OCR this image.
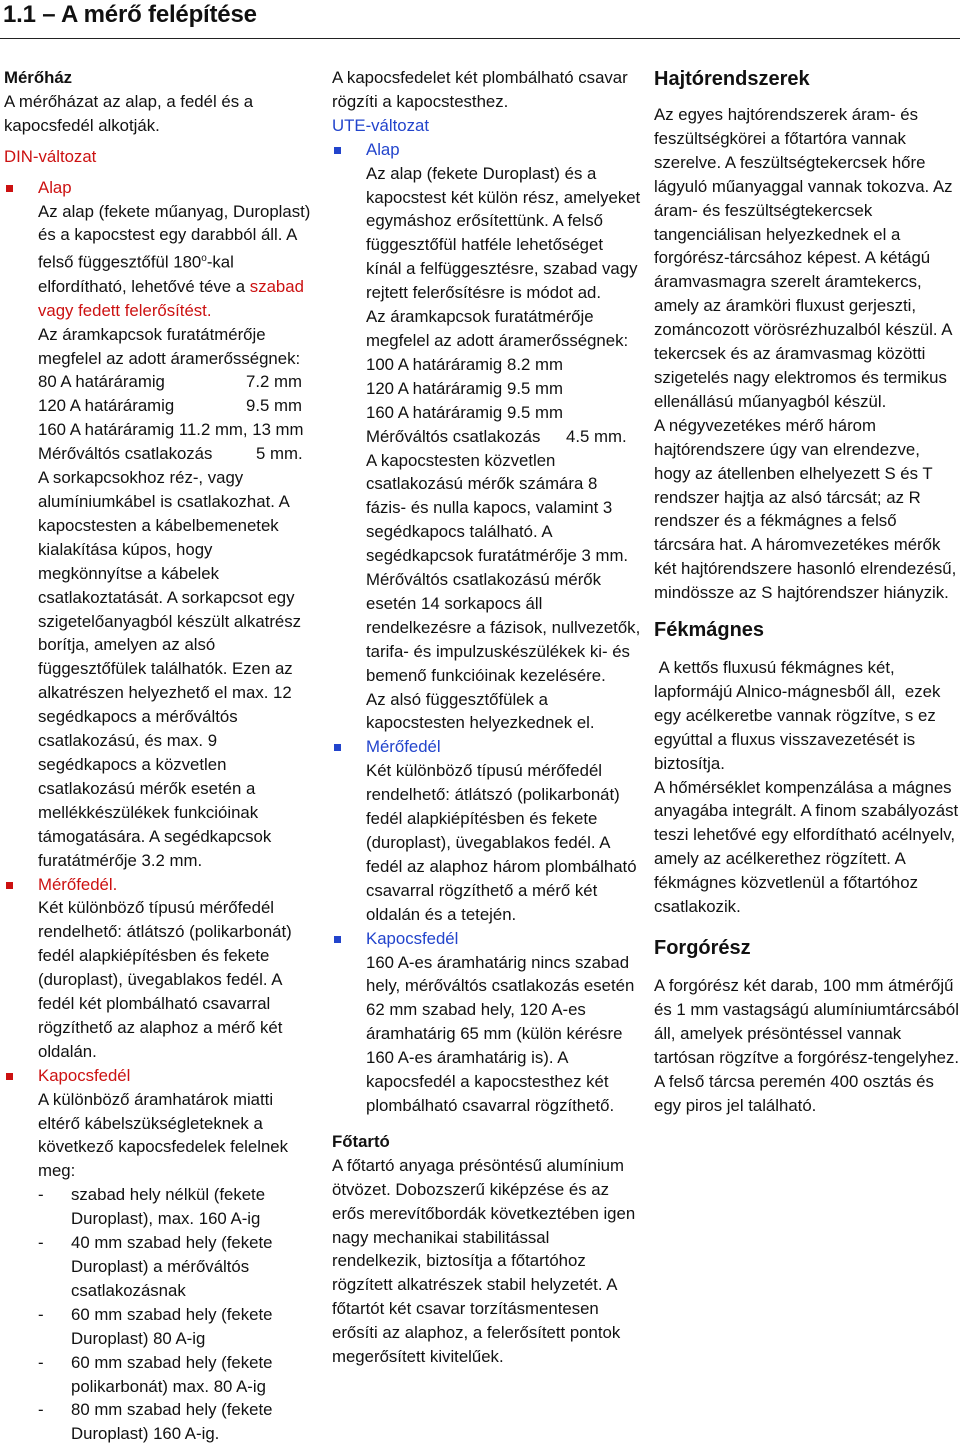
1.1 – A mérő felépítése

Mérőház

A mérőházat az alap, a fedél és a kapocsfedél alkotják.

DIN-változat

Alap

Az alap (fekete műanyag, Duroplast) és a kapocstest egy darabból áll. A felső függesztőfül 180$^o$-kal elfordítható, lehetővé téve a szabad vagy fedett felerősítést.

Az áramkapcsok furatátmérője megfelel az adott áramerősségnek:

80 A határáramig	7.2 mm
120 A határáramig	9.5 mm

160 A határáramig 11.2 mm, 13 mm

Mérőváltós csatlakozás	5 mm.

A sorkapcsokhoz réz-, vagy alumíniumkábel is csatlakozhat. A kapocstesten a kábelbemenetek kialakítása kúpos, hogy megkönnyítse a kábelek csatlakoztatását. A sorkapcsot egy szigetelőanyagból készült alkatrész borítja, amelyen az alsó függesztőfülek találhatók. Ezen az alkatrészen helyezhető el max. 12 segédkapocs a mérőváltós csatlakozású, és max. 9 segédkapocs a közvetlen csatlakozású mérők esetén a mellékkészülékek funkcióinak támogatására. A segédkapcsok furatátmérője 3.2 mm.

Mérőfedél.

Két különböző típusú mérőfedél rendelhető: átlátszó (polikarbonát) fedél alapkiépítésben és fekete (duroplast), üvegablakos fedél. A fedél két plombálható csavarral rögzíthető az alaphoz a mérő két oldalán.

Kapocsfedél

A különböző áramhatárok miatti eltérő kábelszükségleteknek a következő kapocsfedelek felelnek meg:

- szabad hely nélkül (fekete Duroplast), max. 160 A-ig
- 40 mm szabad hely (fekete Duroplast) a mérőváltós csatlakozásnak
- 60 mm szabad hely (fekete Duroplast) 80 A-ig
- 60 mm szabad hely (fekete polikarbonát) max. 80 A-ig
- 80 mm szabad hely (fekete Duroplast) 160 A-ig.

A kapocsfedelet két plombálható csavar rögzíti a kapocstesthez.

UTE-változat

Alap

Az alap (fekete Duroplast) és a kapocstest két külön rész, amelyeket egymáshoz erősítettünk. A felső függesztőfül hatféle lehetőséget kínál a felfüggesztésre, szabad vagy rejtett felerősítésre is módot ad.

Az áramkapcsok furatátmérője megfelel az adott áramerősségnek:

100 A határáramig 8.2 mm
120 A határáramig 9.5 mm
160 A határáramig 9.5 mm
Mérőváltós csatlakozás 4.5 mm.

A kapocstesten közvetlen csatlakozású mérők számára 8 fázis- és nulla kapocs, valamint 3 segédkapocs található. A segédkapcsok furatátmérője 3 mm. Mérőváltós csatlakozású mérők esetén 14 sorkapocs áll rendelkezésre a fázisok, nullvezetők, tarifa- és impulzuskészülékek ki- és bemenő funkcióinak kezelésére.

Az alsó függesztőfülek a kapocstesten helyezkednek el.

Mérőfedél

Két különböző típusú mérőfedél rendelhető: átlátszó (polikarbonát) fedél alapkiépítésben és fekete (duroplast), üvegablakos fedél. A fedél az alaphoz három plombálható csavarral rögzíthető a mérő két oldalán és a tetején.

Kapocsfedél

160 A-es áramhatárig nincs szabad hely, mérőváltós csatlakozás esetén 62 mm szabad hely, 120 A-es áramhatárig 65 mm (külön kérésre 160 A-es áramhatárig is). A kapocsfedél a kapocstesthez két plombálható csavarral rögzíthető.

Főtartó

A főtartó anyaga présöntésű alumínium ötvözet. Dobozszerű kiképzése és az erős merevítőbordák következtében igen nagy mechanikai stabilitással rendelkezik, biztosítja a főtartóhoz rögzített alkatrészek stabil helyzetét. A főtartót két csavar torzításmentesen erősíti az alaphoz, a felerősített pontok megerősített kivitelűek.

Hajtórendszerek

Az egyes hajtórendszerek áram- és feszültségkörei a főtartóra vannak szerelve. A feszültségtekercsek hőre lágyuló műanyaggal vannak tokozva. Az áram- és feszültségtekercsek tangenciálisan helyezkednek el a forgórész-tárcsához képest. A kétágú áramvasmagra szerelt áramtekercs, amely az áramköri fluxust gerjeszti, zománcozott vörösrézhuzalból készül. A tekercsek és az áramvasmag közötti szigetelés nagy elektromos és termikus ellenállású műanyagból készül.

A négyvezetékes mérő három hajtórendszere úgy van elrendezve, hogy az átellenben elhelyezett S és T rendszer hajtja az alsó tárcsát; az R rendszer és a fékmágnes a felső tárcsára hat. A háromvezetékes mérők két hajtórendszere hasonló elrendezésű, mindössze az S hajtórendszer hiányzik.

Fékmágnes

A kettős fluxusú fékmágnes két, lapformájú Alnico-mágnesből áll,  ezek egy acélkeretbe vannak rögzítve, s ez egyúttal a fluxus visszavezetését is biztosítja.

A hőmérséklet kompenzálása a mágnes anyagába integrált. A finom szabályozást teszi lehetővé egy elfordítható acélnyelv, amely az acélkerethez rögzített. A fékmágnes közvetlenül a főtartóhoz csatlakozik.

Forgórész

A forgórész két darab, 100 mm átmérőjű és 1 mm vastagságú alumíniumtárcsából áll, amelyek présöntéssel vannak tartósan rögzítve a forgórész-tengelyhez. A felső tárcsa peremén 400 osztás és egy piros jel található.
